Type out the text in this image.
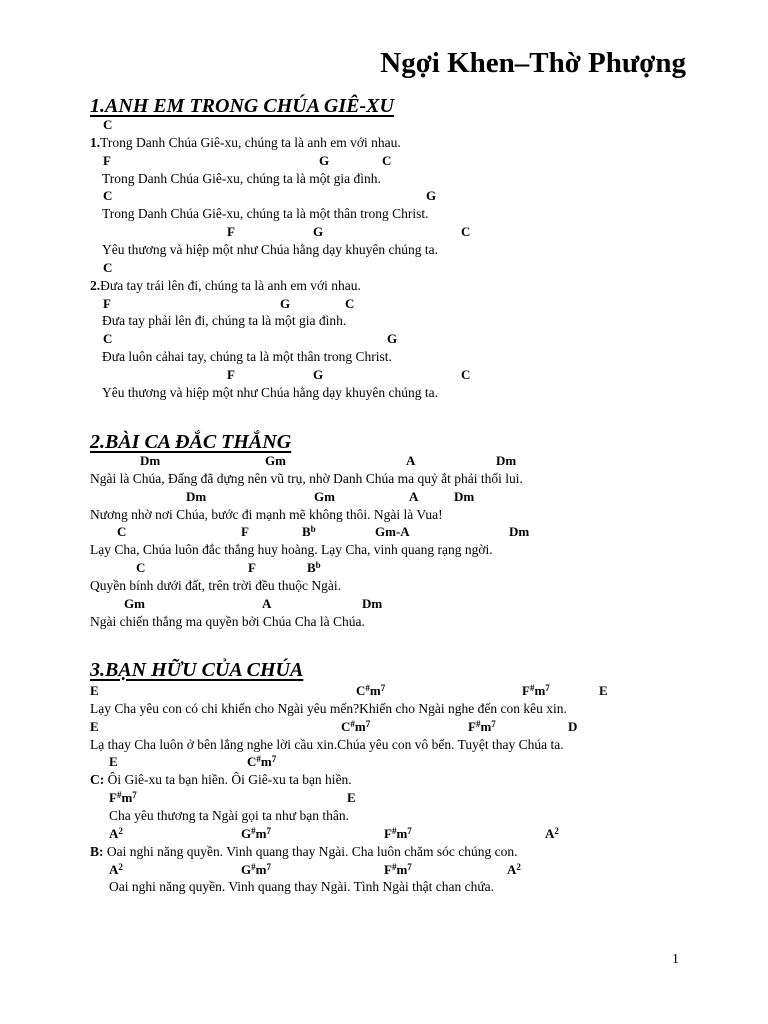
Ngợi Khen–Thờ Phượng
1.ANH EM TRONG CHÚA GIÊ-XU
C
1.Trong Danh Chúa Giê-xu, chúng ta là anh em với nhau.
F	G	C
Trong Danh Chúa Giê-xu, chúng ta là một gia đình.
C	G
Trong Danh Chúa Giê-xu, chúng ta là một thân trong Christ.
F	G	C
Yêu thương và hiệp một như Chúa hằng dạy khuyên chúng ta.
C
2.Đưa tay trái lên đi, chúng ta là anh em với nhau.
F	G	C
Đưa tay phải lên đi, chúng ta là một gia đình.
C	G
Đưa luôn cảhai tay, chúng ta là một thân trong Christ.
F	G	C
Yêu thương và hiệp một như Chúa hằng dạy khuyên chúng ta.
2.BÀI CA ĐẮC THẮNG
Dm	Gm	A	Dm
Ngài là Chúa, Đấng đã dựng nên vũ trụ, nhờ Danh Chúa ma quỷ ắt phải thối lui.
Dm	Gm	A	Dm
Nương nhờ nơi Chúa, bước đi mạnh mẽ không thôi. Ngài là Vua!
C	F	$B^b$	Gm-A	Dm
Lạy Cha, Chúa luôn đắc thắng huy hoàng. Lạy Cha, vinh quang rạng ngời.
C	F	$B^b$
Quyền bính dưới đất, trên trời đều thuộc Ngài.
Gm	A	Dm
Ngài chiến thắng ma quyền bởi Chúa Cha là Chúa.
3.BẠN HỮU CỦA CHÚA
E	$C^{\#}m^7$	$F^{\#}m^7$	E
Lạy Cha yêu con có chi khiến cho Ngài yêu mến?Khiến cho Ngài nghe đến con kêu xin.
E	$C^{\#}m^7$	$F^{\#}m^7$	D
Lạ thay Cha luôn ở bên lắng nghe lời cầu xin.Chúa yêu con vô bến. Tuyệt thay Chúa ta.
E	$C^{\#}m^7$
C: Ôi Giê-xu ta bạn hiền. Ôi Giê-xu ta bạn hiền.
$F^{\#}m^7$	E
Cha yêu thương ta Ngài gọi ta như bạn thân.
$A^2$	$G^{\#}m^7$	$F^{\#}m^7$	$A^2$
B: Oai nghi năng quyền. Vinh quang thay Ngài. Cha luôn chăm sóc chúng con.
$A^2$	$G^{\#}m^7$	$F^{\#}m^7$	$A^2$
Oai nghi năng quyền. Vinh quang thay Ngài. Tình Ngài thật chan chứa.
1
